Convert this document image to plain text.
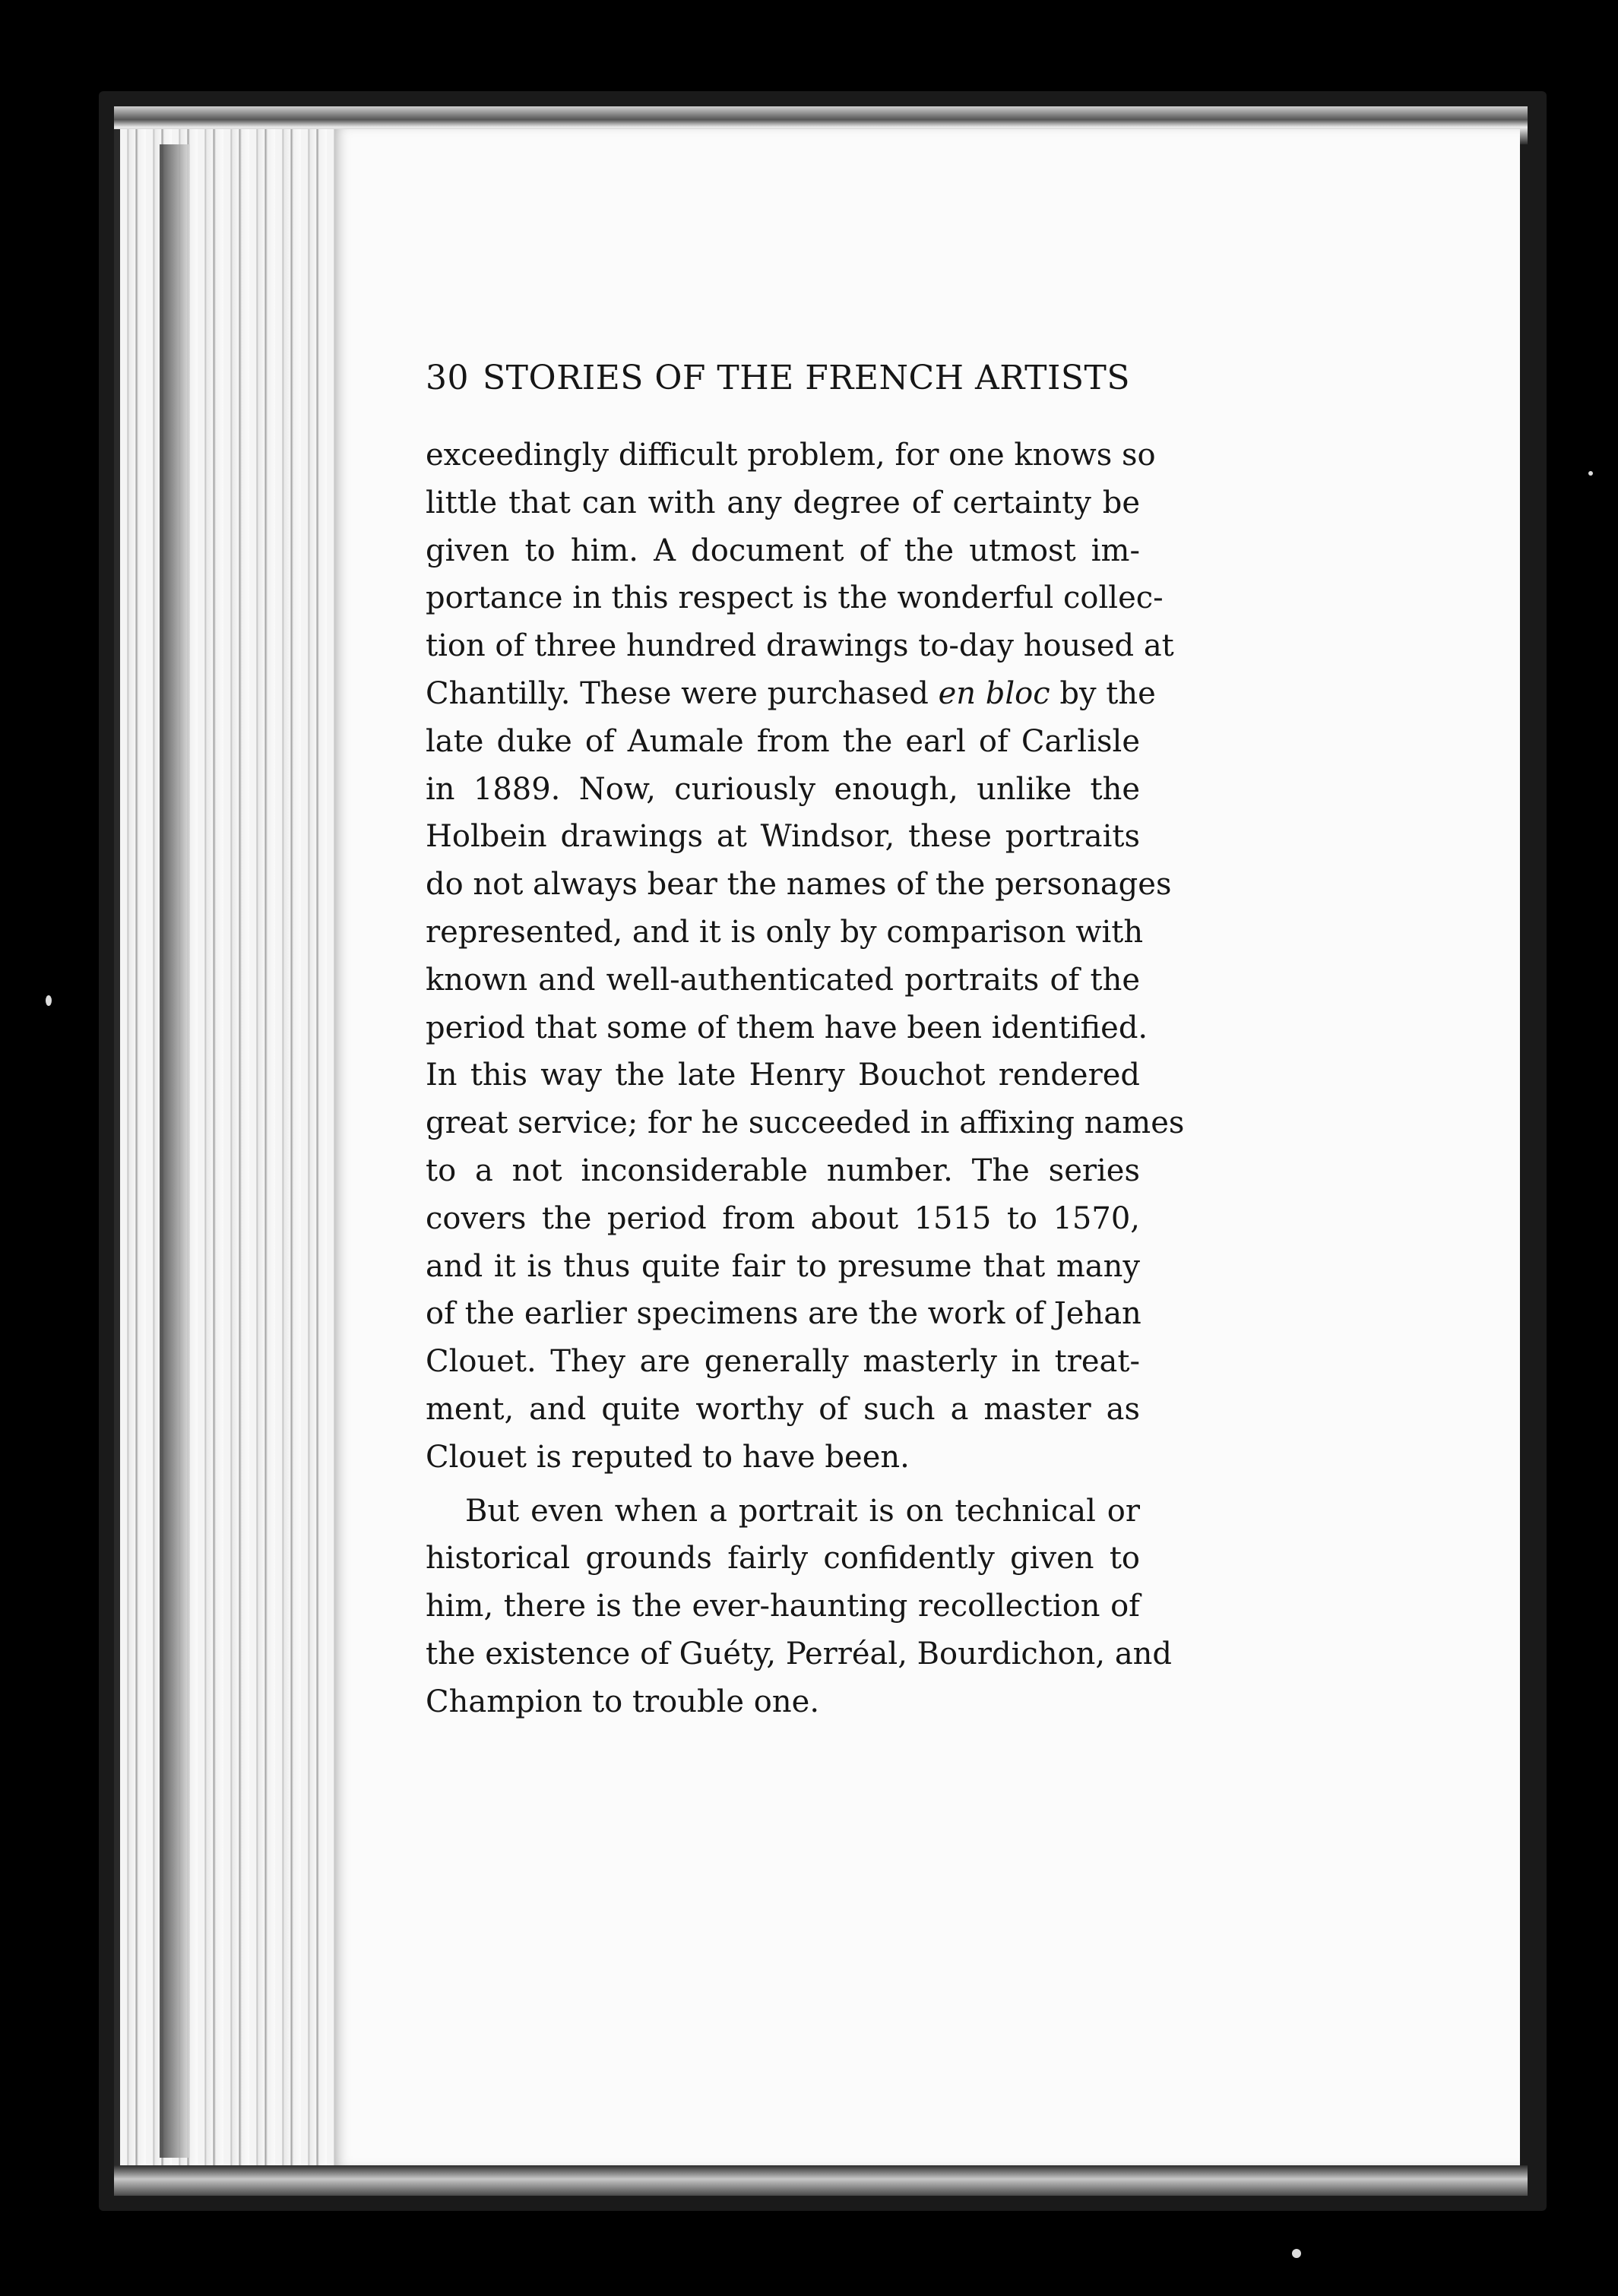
30 STORIES OF THE FRENCH ARTISTS
exceedingly difficult problem, for one knows so
little that can with any degree of certainty be
given to him. A document of the utmost im-
portance in this respect is the wonderful collec-
tion of three hundred drawings to-day housed at
Chantilly. These were purchased en bloc by the
late duke of Aumale from the earl of Carlisle
in 1889. Now, curiously enough, unlike the
Holbein drawings at Windsor, these portraits
do not always bear the names of the personages
represented, and it is only by comparison with
known and well-authenticated portraits of the
period that some of them have been identified.
In this way the late Henry Bouchot rendered
great service; for he succeeded in affixing names
to a not inconsiderable number. The series
covers the period from about 1515 to 1570,
and it is thus quite fair to presume that many
of the earlier specimens are the work of Jehan
Clouet. They are generally masterly in treat-
ment, and quite worthy of such a master as
Clouet is reputed to have been.
But even when a portrait is on technical or
historical grounds fairly confidently given to
him, there is the ever-haunting recollection of
the existence of Guéty, Perréal, Bourdichon, and
Champion to trouble one.
